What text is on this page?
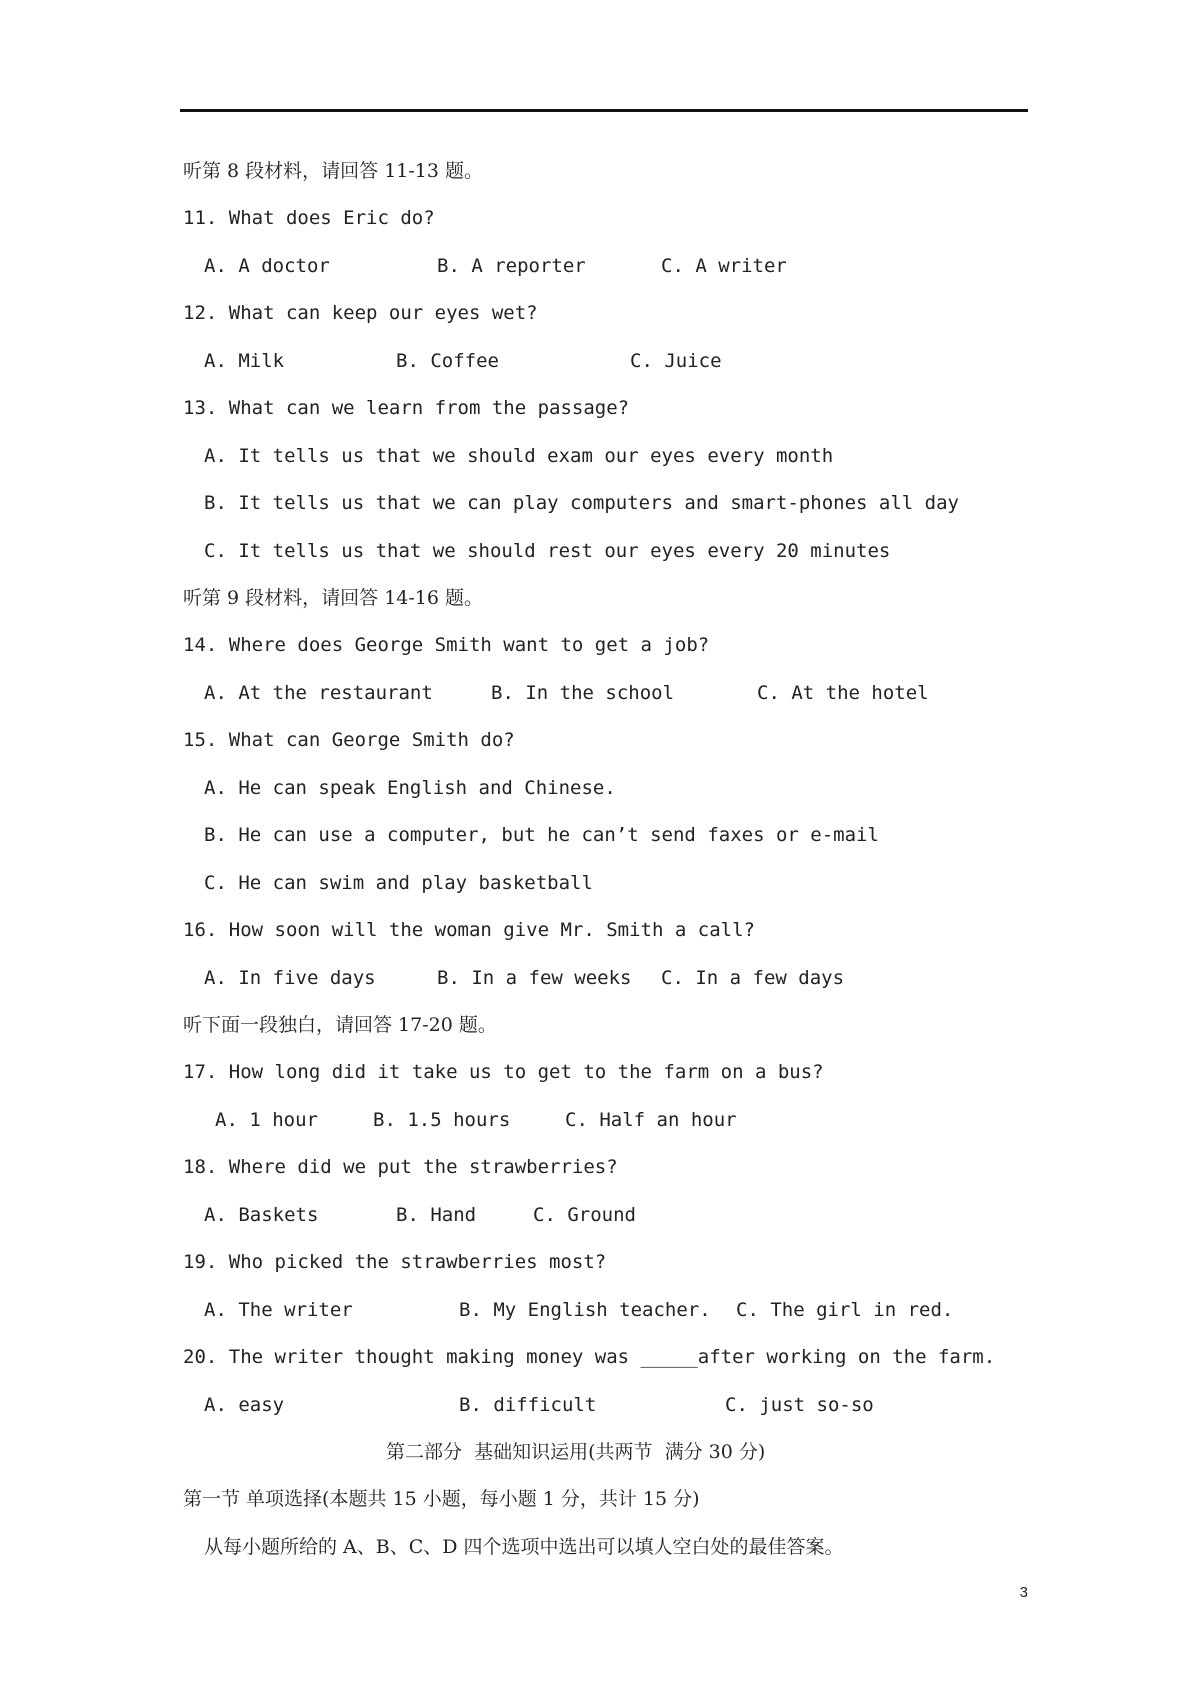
听第 8 段材料，请回答 11-13 题。
11. What does Eric do?
A. A doctor	B. A reporter	C. A writer
12. What can keep our eyes wet?
A. Milk	B. Coffee	C. Juice
13. What can we learn from the passage?
A. It tells us that we should exam our eyes every month
B. It tells us that we can play computers and smart-phones all day
C. It tells us that we should rest our eyes every 20 minutes
听第 9 段材料，请回答 14-16 题。
14. Where does George Smith want to get a job?
A. At the restaurant	B. In the school	C. At the hotel
15. What can George Smith do?
A. He can speak English and Chinese.
B. He can use a computer, but he can’t send faxes or e-mail
C. He can swim and play basketball
16. How soon will the woman give Mr. Smith a call?
A. In five days	B. In a few weeks C. In a few days
听下面一段独白，请回答 17-20 题。
17. How long did it take us to get to the farm on a bus?
A. 1 hour	B. 1.5 hours	C. Half an hour
18. Where did we put the strawberries?
A. Baskets	B. Hand	C. Ground
19. Who picked the strawberries most?
A. The writer	B. My English teacher. C. The girl in red.
20. The writer thought making money was _____after working on the farm.
A. easy	B. difficult	C. just so-so
第二部分  基础知识运用(共两节  满分 30 分)
第一节 单项选择(本题共 15 小题，每小题 1 分，共计 15 分)
从每小题所给的 A、B、C、D 四个选项中选出可以填人空白处的最佳答案。
3
